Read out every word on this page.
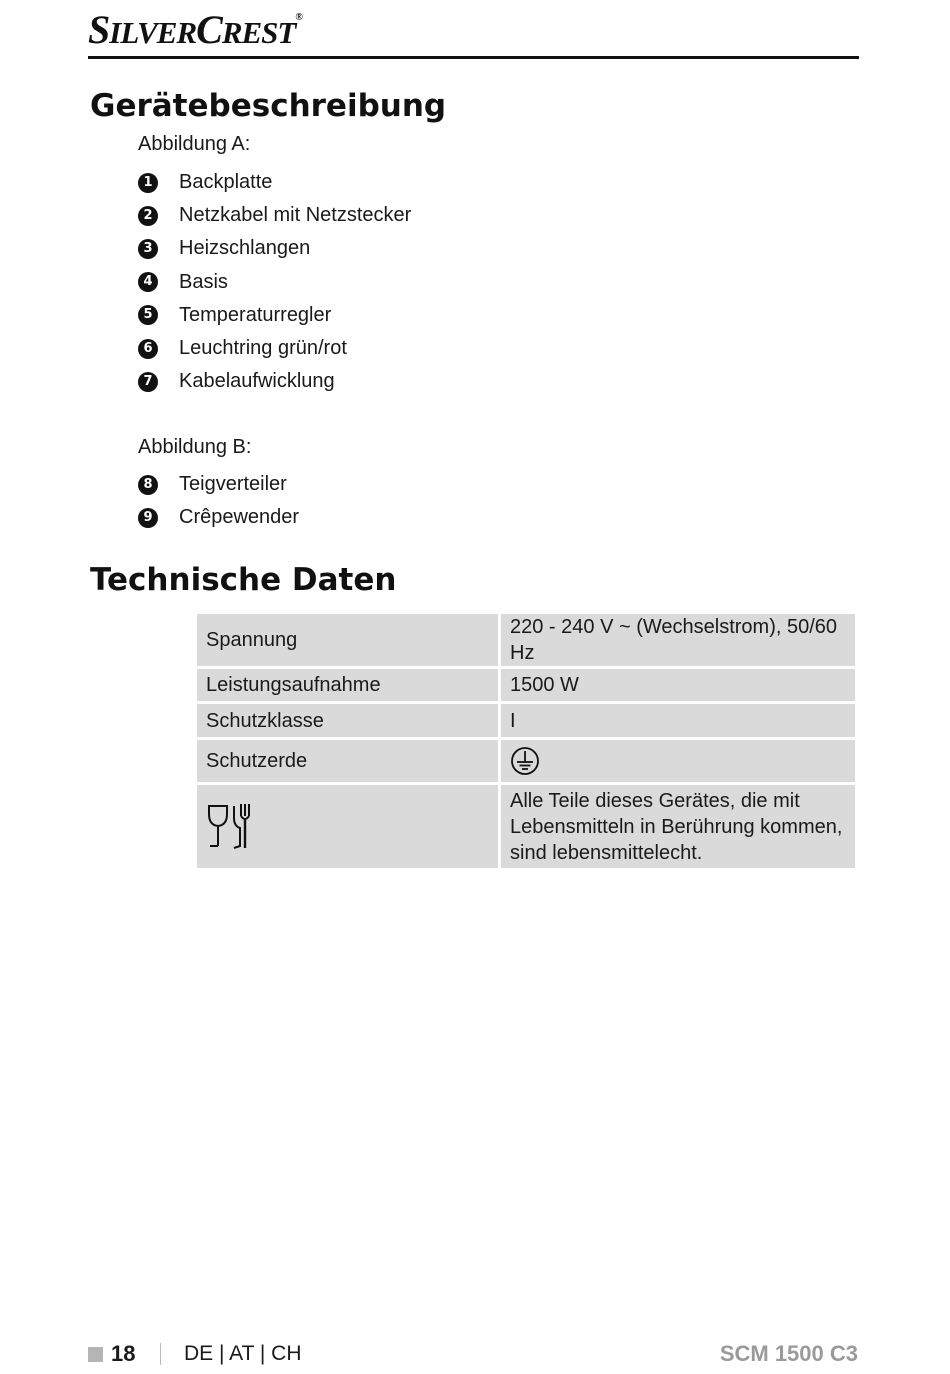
SILVERCREST®
Gerätebeschreibung

Abbildung A:

1 Backplatte
2 Netzkabel mit Netzstecker
3 Heizschlangen
4 Basis
5 Temperaturregler
6 Leuchtring grün/rot
7 Kabelaufwicklung

Abbildung B:

8 Teigverteiler
9 Crêpewender
Technische Daten
Spannung	220 - 240 V ~ (Wechselstrom), 50/60 Hz
Leistungsaufnahme	1500 W
Schutzklasse	I
Schutzerde	

	Alle Teile dieses Gerätes, die mit Lebensmitteln in Berührung kommen, sind lebensmittelecht.
18 DE | AT | CH	SCM 1500 C3
